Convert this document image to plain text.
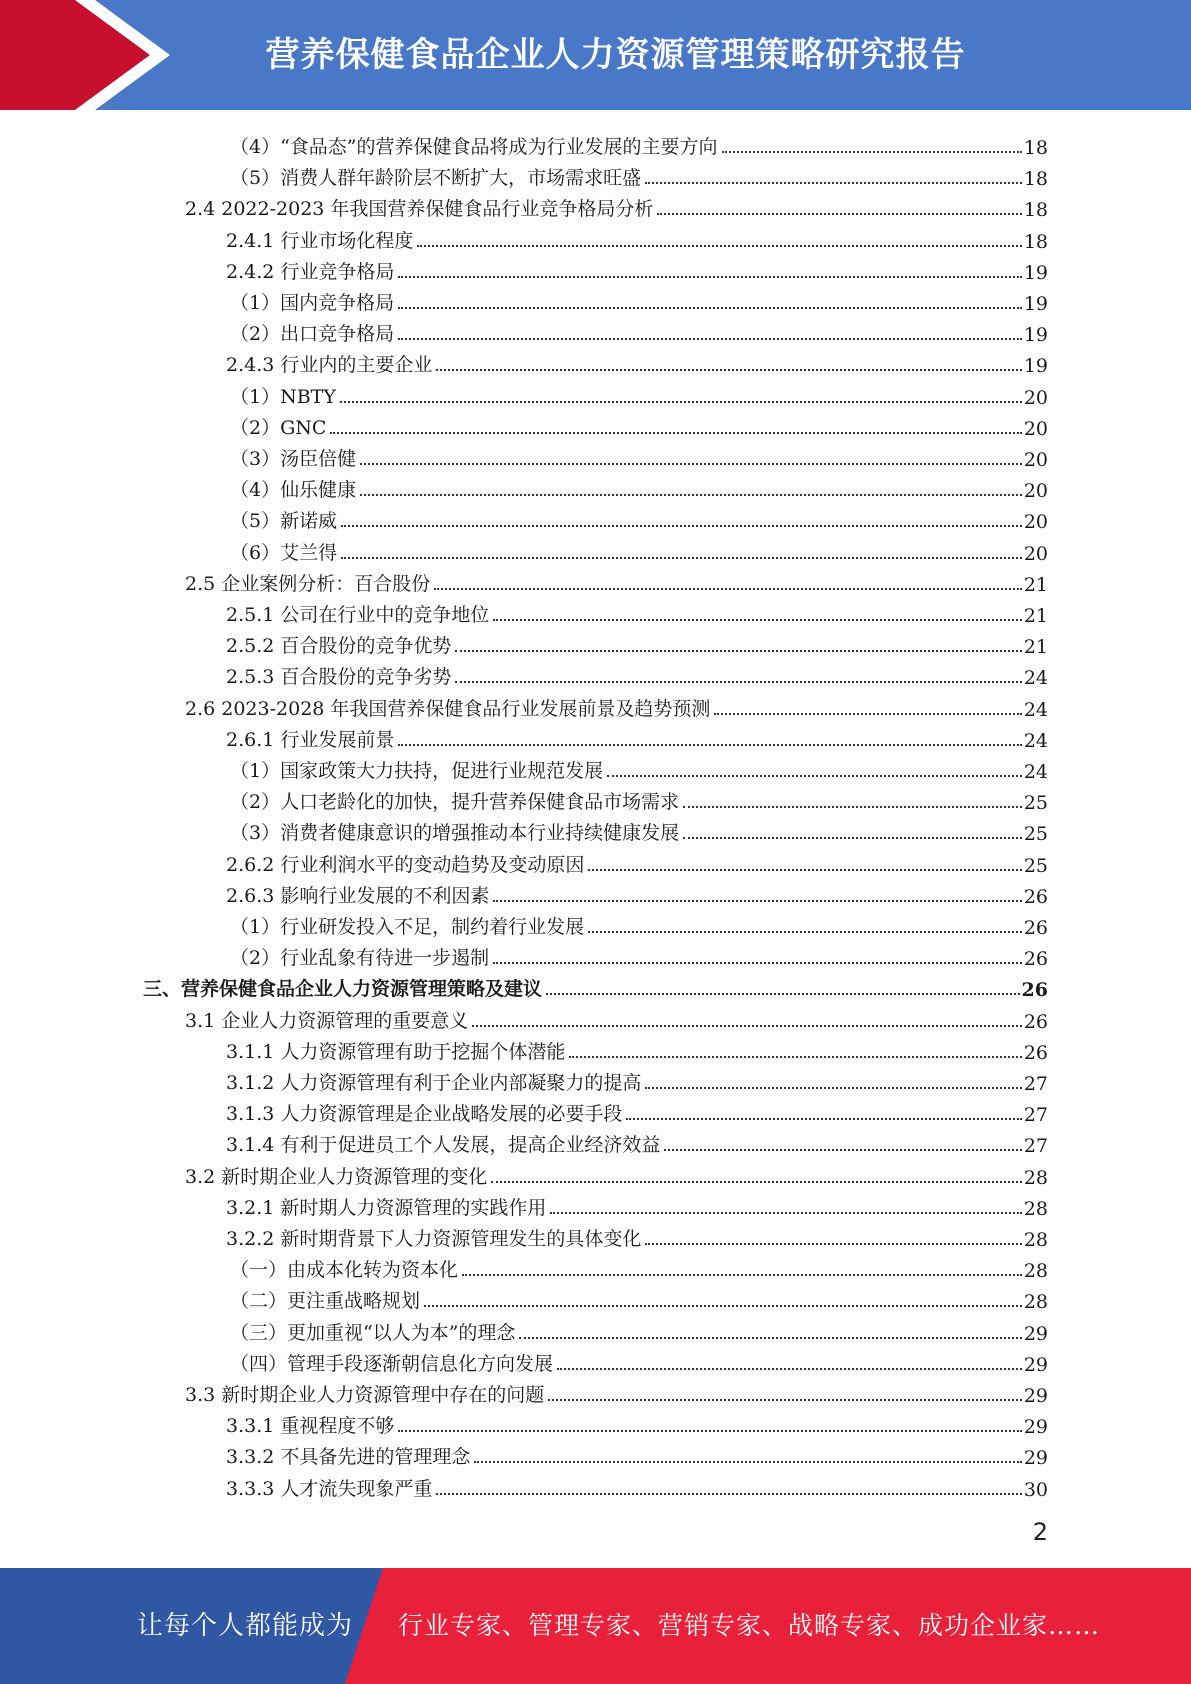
营养保健食品企业人力资源管理策略研究报告
（4）“食品态”的营养保健食品将成为行业发展的主要方向	18
（5）消费人群年龄阶层不断扩大，市场需求旺盛	18
2.4 2022-2023 年我国营养保健食品行业竞争格局分析	18
2.4.1 行业市场化程度	18
2.4.2 行业竞争格局	19
（1）国内竞争格局	19
（2）出口竞争格局	19
2.4.3 行业内的主要企业	19
（1）NBTY	20
（2）GNC	20
（3）汤臣倍健	20
（4）仙乐健康	20
（5）新诺威	20
（6）艾兰得	20
2.5 企业案例分析：百合股份	21
2.5.1 公司在行业中的竞争地位	21
2.5.2 百合股份的竞争优势	21
2.5.3 百合股份的竞争劣势	24
2.6 2023-2028 年我国营养保健食品行业发展前景及趋势预测	24
2.6.1 行业发展前景	24
（1）国家政策大力扶持，促进行业规范发展	24
（2）人口老龄化的加快，提升营养保健食品市场需求	25
（3）消费者健康意识的增强推动本行业持续健康发展	25
2.6.2 行业利润水平的变动趋势及变动原因	25
2.6.3 影响行业发展的不利因素	26
（1）行业研发投入不足，制约着行业发展	26
（2）行业乱象有待进一步遏制	26
三、营养保健食品企业人力资源管理策略及建议	26
3.1 企业人力资源管理的重要意义	26
3.1.1 人力资源管理有助于挖掘个体潜能	26
3.1.2 人力资源管理有利于企业内部凝聚力的提高	27
3.1.3 人力资源管理是企业战略发展的必要手段	27
3.1.4 有利于促进员工个人发展，提高企业经济效益	27
3.2 新时期企业人力资源管理的变化	28
3.2.1 新时期人力资源管理的实践作用	28
3.2.2 新时期背景下人力资源管理发生的具体变化	28
（一）由成本化转为资本化	28
（二）更注重战略规划	28
（三）更加重视“以人为本”的理念	29
（四）管理手段逐渐朝信息化方向发展	29
3.3 新时期企业人力资源管理中存在的问题	29
3.3.1 重视程度不够	29
3.3.2 不具备先进的管理理念	29
3.3.3 人才流失现象严重	30
2
让每个人都能成为	行业专家、管理专家、营销专家、战略专家、成功企业家……
